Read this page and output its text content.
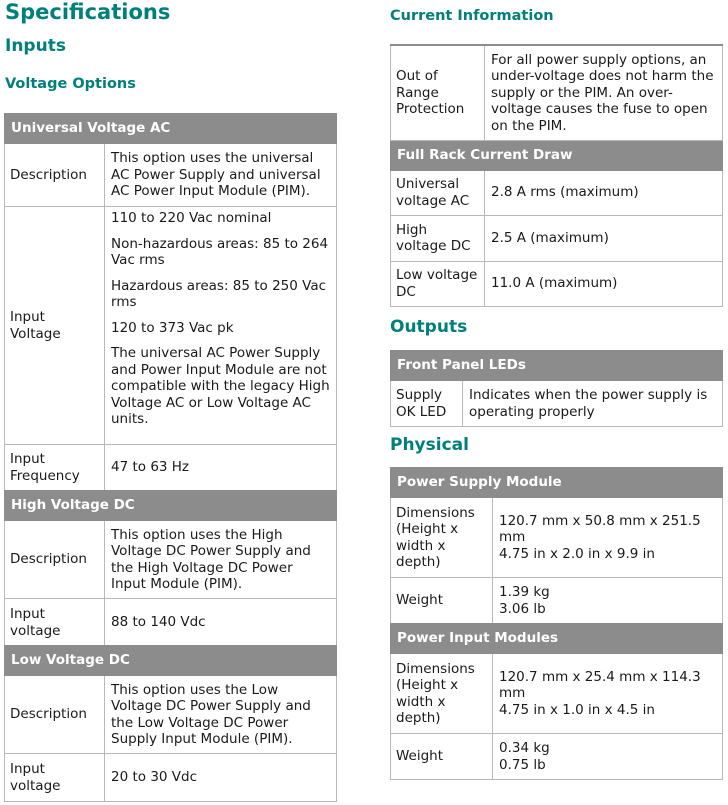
Specifications
Inputs
Voltage Options
Universal Voltage AC	
Description	This option uses the universal AC Power Supply and universal AC Power Input Module (PIM).
Input Voltage	110 to 220 Vac nominal
Non-hazardous areas: 85 to 264 Vac rms
Hazardous areas: 85 to 250 Vac rms
120 to 373 Vac pk
The universal AC Power Supply and Power Input Module are not compatible with the legacy High Voltage AC or Low Voltage AC units.

Input Frequency	47 to 63 Hz
High Voltage DC	
Description	This option uses the High Voltage DC Power Supply and the High Voltage DC Power Input Module (PIM).
Input voltage	88 to 140 Vdc
Low Voltage DC	
Description	This option uses the Low Voltage DC Power Supply and the Low Voltage DC Power Supply Input Module (PIM).
Input voltage	20 to 30 Vdc
Current Information
Out of Range Protection	For all power supply options, an under-voltage does not harm the supply or the PIM. An over-voltage causes the fuse to open on the PIM.
Full Rack Current Draw	
Universal voltage AC	2.8 A rms (maximum)
High voltage DC	2.5 A (maximum)
Low voltage DC	11.0 A (maximum)
Outputs
Front Panel LEDs
Supply OK LED	Indicates when the power supply is operating properly
Physical
Power Supply Module	
Dimensions (Height x width x depth)	120.7 mm x 50.8 mm x 251.5 mm
4.75 in x 2.0 in x 9.9 in

Weight	1.39 kg
3.06 lb
Power Input Modules	
Dimensions (Height x width x depth)	120.7 mm x 25.4 mm x 114.3 mm
4.75 in x 1.0 in x 4.5 in

Weight	0.34 kg
0.75 lb
